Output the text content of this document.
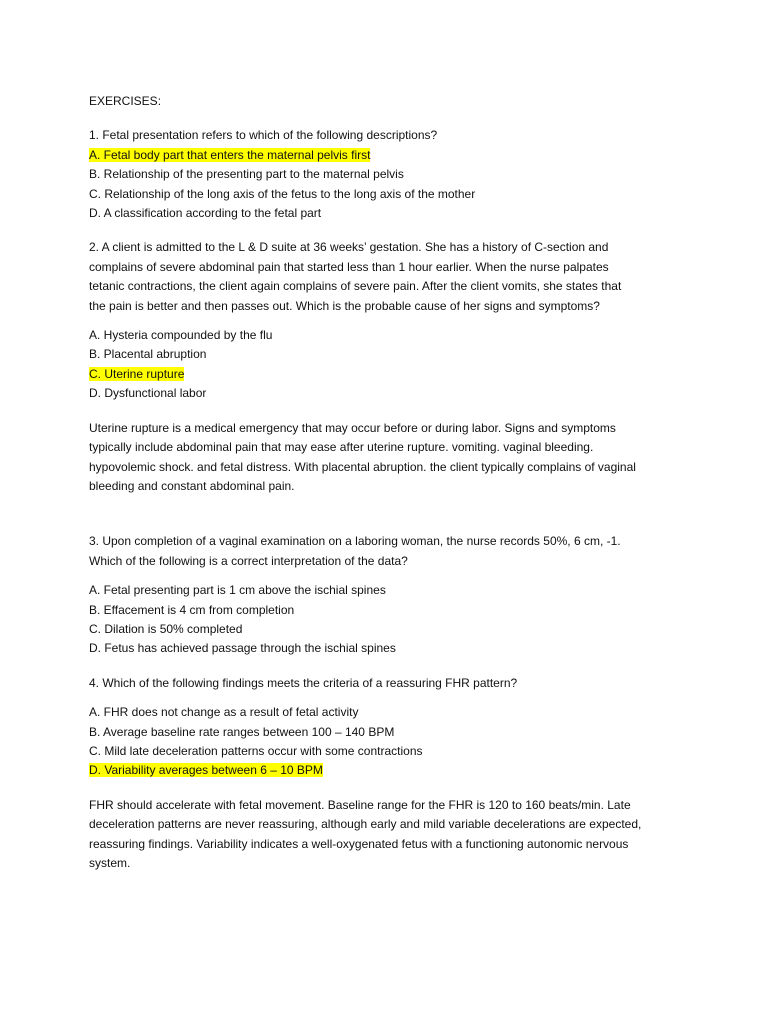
EXERCISES:
1. Fetal presentation refers to which of the following descriptions?
A. Fetal body part that enters the maternal pelvis first
B. Relationship of the presenting part to the maternal pelvis
C. Relationship of the long axis of the fetus to the long axis of the mother
D. A classification according to the fetal part
2. A client is admitted to the L & D suite at 36 weeks’ gestation. She has a history of C-section and
complains of severe abdominal pain that started less than 1 hour earlier. When the nurse palpates
tetanic contractions, the client again complains of severe pain. After the client vomits, she states that
the pain is better and then passes out. Which is the probable cause of her signs and symptoms?
A. Hysteria compounded by the flu
B. Placental abruption
C. Uterine rupture
D. Dysfunctional labor
Uterine rupture is a medical emergency that may occur before or during labor. Signs and symptoms
typically include abdominal pain that may ease after uterine rupture. vomiting. vaginal bleeding.
hypovolemic shock. and fetal distress. With placental abruption. the client typically complains of vaginal
bleeding and constant abdominal pain.
3. Upon completion of a vaginal examination on a laboring woman, the nurse records 50%, 6 cm, -1.
Which of the following is a correct interpretation of the data?
A. Fetal presenting part is 1 cm above the ischial spines
B. Effacement is 4 cm from completion
C. Dilation is 50% completed
D. Fetus has achieved passage through the ischial spines
4. Which of the following findings meets the criteria of a reassuring FHR pattern?
A. FHR does not change as a result of fetal activity
B. Average baseline rate ranges between 100 – 140 BPM
C. Mild late deceleration patterns occur with some contractions
D. Variability averages between 6 – 10 BPM
FHR should accelerate with fetal movement. Baseline range for the FHR is 120 to 160 beats/min. Late
deceleration patterns are never reassuring, although early and mild variable decelerations are expected,
reassuring findings. Variability indicates a well-oxygenated fetus with a functioning autonomic nervous
system.
